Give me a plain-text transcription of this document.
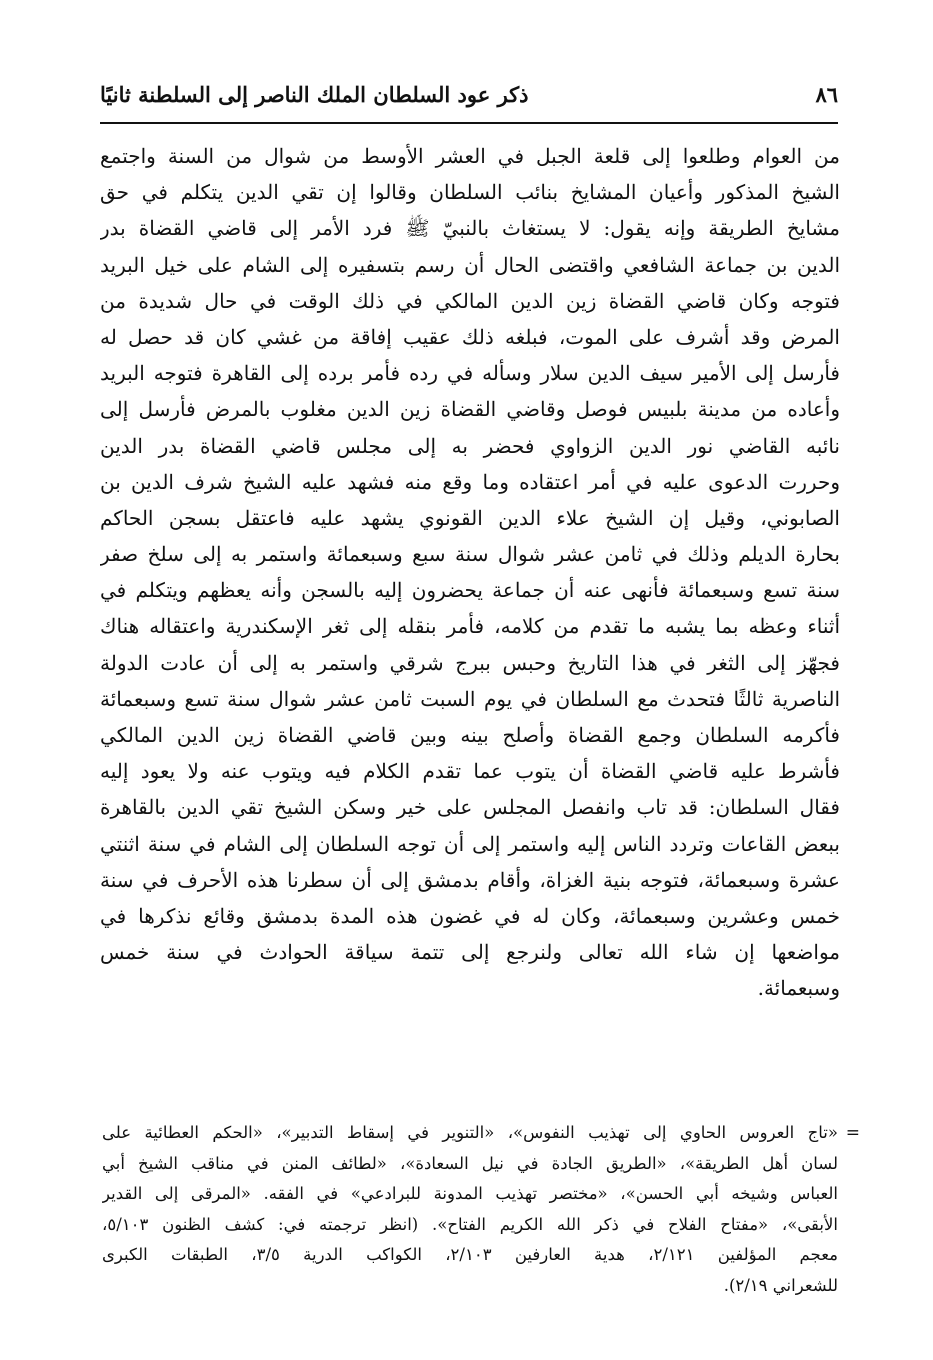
٨٦
ذكر عود السلطان الملك الناصر إلى السلطنة ثانيًا
من العوام وطلعوا إلى قلعة الجبل في العشر الأوسط من شوال من السنة واجتمع
الشيخ المذكور وأعيان المشايخ بنائب السلطان وقالوا إن تقي الدين يتكلم في حق
مشايخ الطريقة وإنه يقول: لا يستغاث بالنبيّ ﷺ فرد الأمر إلى قاضي القضاة بدر
الدين بن جماعة الشافعي واقتضى الحال أن رسم بتسفيره إلى الشام على خيل البريد
فتوجه وكان قاضي القضاة زين الدين المالكي في ذلك الوقت في حال شديدة من
المرض وقد أشرف على الموت، فبلغه ذلك عقيب إفاقة من غشي كان قد حصل له
فأرسل إلى الأمير سيف الدين سلار وسأله في رده فأمر برده إلى القاهرة فتوجه البريد
وأعاده من مدينة بلبيس فوصل وقاضي القضاة زين الدين مغلوب بالمرض فأرسل إلى
نائبه القاضي نور الدين الزواوي فحضر به إلى مجلس قاضي القضاة بدر الدين
وحررت الدعوى عليه في أمر اعتقاده وما وقع منه فشهد عليه الشيخ شرف الدين بن
الصابوني، وقيل إن الشيخ علاء الدين القونوي يشهد عليه فاعتقل بسجن الحاكم
بحارة الديلم وذلك في ثامن عشر شوال سنة سبع وسبعمائة واستمر به إلى سلخ صفر
سنة تسع وسبعمائة فأنهى عنه أن جماعة يحضرون إليه بالسجن وأنه يعظهم ويتكلم في
أثناء وعظه بما يشبه ما تقدم من كلامه، فأمر بنقله إلى ثغر الإسكندرية واعتقاله هناك
فجهّز إلى الثغر في هذا التاريخ وحبس ببرج شرقي واستمر به إلى أن عادت الدولة
الناصرية ثالثًا فتحدث مع السلطان في يوم السبت ثامن عشر شوال سنة تسع وسبعمائة
فأكرمه السلطان وجمع القضاة وأصلح بينه وبين قاضي القضاة زين الدين المالكي
فأشرط عليه قاضي القضاة أن يتوب عما تقدم الكلام فيه ويتوب عنه ولا يعود إليه
فقال السلطان: قد تاب وانفصل المجلس على خير وسكن الشيخ تقي الدين بالقاهرة
ببعض القاعات وتردد الناس إليه واستمر إلى أن توجه السلطان إلى الشام في سنة اثنتي
عشرة وسبعمائة، فتوجه بنية الغزاة، وأقام بدمشق إلى أن سطرنا هذه الأحرف في سنة
خمس وعشرين وسبعمائة، وكان له في غضون هذه المدة بدمشق وقائع نذكرها في
مواضعها إن شاء الله تعالى ولنرجع إلى تتمة سياقة الحوادث في سنة خمس
وسبعمائة.
=
«تاج العروس الحاوي إلى تهذيب النفوس»، «التنوير في إسقاط التدبير»، «الحكم العطائية على
لسان أهل الطريقة»، «الطريق الجادة في نيل السعادة»، «لطائف المنن في مناقب الشيخ أبي
العباس وشيخه أبي الحسن»، «مختصر تهذيب المدونة للبرادعي» في الفقه. «المرقى إلى القدير
الأبقى»، «مفتاح الفلاح في ذكر الله الكريم الفتاح». (انظر ترجمته في: كشف الظنون ٥/١٠٣،
معجم المؤلفين ٢/١٢١، هدية العارفين ٢/١٠٣، الكواكب الدرية ٣/٥، الطبقات الكبرى
للشعراني ٢/١٩).
